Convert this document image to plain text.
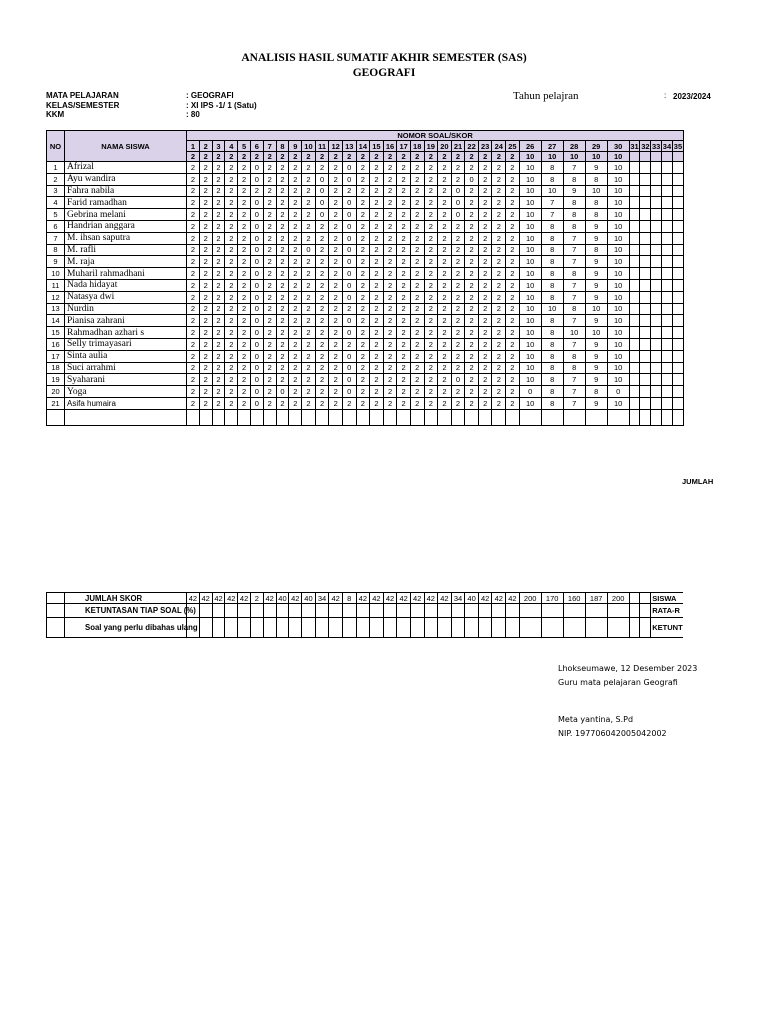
ANALISIS HASIL SUMATIF AKHIR SEMESTER (SAS)
GEOGRAFI
MATA PELAJARAN
KELAS/SEMESTER
KKM
: GEOGRAFI
: XI IPS -1/ 1 (Satu)
: 80
Tahun pelajran	: 2023/2024
NO	NAMA SISWA	NOMOR SOAL/SKOR																																		
		1	2	3	4	5	6	7	8	9	10	11	12	13	14	15	16	17	18	19	20	21	22	23	24	25	26	27	28	29	30	31	32	33	34	35
		2	2	2	2	2	2	2	2	2	2	2	2	2	2	2	2	2	2	2	2	2	2	2	2	2	10	10	10	10	10					
1	Afrizal	2	2	2	2	2	0	2	2	2	2	2	2	0	2	2	2	2	2	2	2	2	2	2	2	2	10	8	7	9	10					
2	Ayu wandira	2	2	2	2	2	0	2	2	2	2	0	2	0	2	2	2	2	2	2	2	2	0	2	2	2	10	8	8	8	10					
3	Fahra nabila	2	2	2	2	2	2	2	2	2	2	0	2	2	2	2	2	2	2	2	2	0	2	2	2	2	10	10	9	10	10					
4	Farid ramadhan	2	2	2	2	2	0	2	2	2	2	0	2	0	2	2	2	2	2	2	2	0	2	2	2	2	10	7	8	8	10					
5	Gebrina melani	2	2	2	2	2	0	2	2	2	2	0	2	0	2	2	2	2	2	2	2	0	2	2	2	2	10	7	8	8	10					
6	Handrian anggara	2	2	2	2	2	0	2	2	2	2	2	2	0	2	2	2	2	2	2	2	2	2	2	2	2	10	8	8	9	10					
7	M. ihsan saputra	2	2	2	2	2	0	2	2	2	2	2	2	0	2	2	2	2	2	2	2	2	2	2	2	2	10	8	7	9	10					
8	M. rafli	2	2	2	2	2	0	2	2	2	0	2	2	0	2	2	2	2	2	2	2	2	2	2	2	2	10	8	7	8	10					
9	M. raja	2	2	2	2	2	0	2	2	2	2	2	2	0	2	2	2	2	2	2	2	2	2	2	2	2	10	8	7	9	10					
10	Muharil rahmadhani	2	2	2	2	2	0	2	2	2	2	2	2	0	2	2	2	2	2	2	2	2	2	2	2	2	10	8	8	9	10					
11	Nada hidayat	2	2	2	2	2	0	2	2	2	2	2	2	0	2	2	2	2	2	2	2	2	2	2	2	2	10	8	7	9	10					
12	Natasya dwi	2	2	2	2	2	0	2	2	2	2	2	2	0	2	2	2	2	2	2	2	2	2	2	2	2	10	8	7	9	10					
13	Nurdin	2	2	2	2	2	0	2	2	2	2	2	2	2	2	2	2	2	2	2	2	2	2	2	2	2	10	10	8	10	10					
14	Pianisa zahrani	2	2	2	2	2	0	2	2	2	2	2	2	0	2	2	2	2	2	2	2	2	2	2	2	2	10	8	7	9	10					
15	Rahmadhan azhari s	2	2	2	2	2	0	2	2	2	2	2	2	0	2	2	2	2	2	2	2	2	2	2	2	2	10	8	10	10	10					
16	Selly trimayasari	2	2	2	2	2	0	2	2	2	2	2	2	2	2	2	2	2	2	2	2	2	2	2	2	2	10	8	7	9	10					
17	Sinta aulia	2	2	2	2	2	0	2	2	2	2	2	2	0	2	2	2	2	2	2	2	2	2	2	2	2	10	8	8	9	10					
18	Suci arrahmi	2	2	2	2	2	0	2	2	2	2	2	2	0	2	2	2	2	2	2	2	2	2	2	2	2	10	8	8	9	10					
19	Syaharani	2	2	2	2	2	0	2	2	2	2	2	2	0	2	2	2	2	2	2	2	0	2	2	2	2	10	8	7	9	10					
20	Yoga	2	2	2	2	2	0	2	0	2	2	2	2	0	2	2	2	2	2	2	2	2	2	2	2	2	0	8	7	8	0					
21	Asifa humaira	2	2	2	2	2	0	2	2	2	2	2	2	2	2	2	2	2	2	2	2	2	2	2	2	2	10	8	7	9	10					

JUMLAH
	JUMLAH SKOR	42	42	42	42	42	2	42	40	42	40	34	42	8	42	42	42	42	42	42	42	34	40	42	42	42	200	170	160	187	200			SISWA
	KETUNTASAN TIAP SOAL (%)																																	RATA-R
	Soal yang perlu dibahas ulang																																	KETUNT
Lhokseumawe, 12 Desember 2023
Guru mata pelajaran Geografi
Meta yantina, S.Pd
NIP. 197706042005042002
